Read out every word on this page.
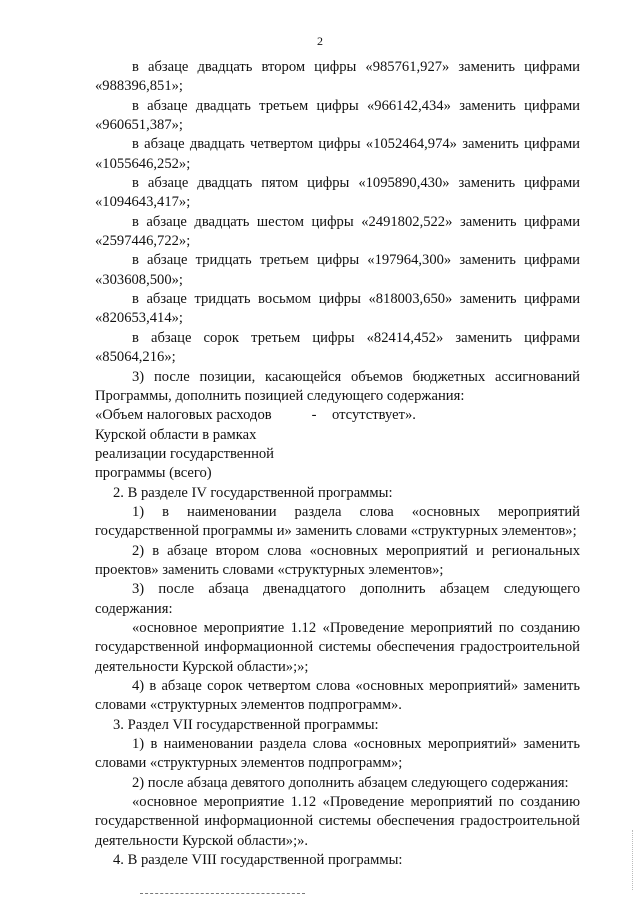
2

в абзаце двадцать втором цифры «985761,927» заменить цифрами «988396,851»;

в абзаце двадцать третьем цифры «966142,434» заменить цифрами «960651,387»;

в абзаце двадцать четвертом цифры «1052464,974» заменить цифрами «1055646,252»;

в абзаце двадцать пятом цифры «1095890,430» заменить цифрами «1094643,417»;

в абзаце двадцать шестом цифры «2491802,522» заменить цифрами «2597446,722»;

в абзаце тридцать третьем цифры «197964,300» заменить цифрами «303608,500»;

в абзаце тридцать восьмом цифры «818003,650» заменить цифрами «820653,414»;

в абзаце сорок третьем цифры «82414,452» заменить цифрами «85064,216»;

3) после позиции, касающейся объемов бюджетных ассигнований Программы, дополнить позицией следующего содержания:

«Объем налоговых расходов Курской области в рамках реализации государственной программы (всего)
-	отсутствует».

2. В разделе IV государственной программы:

1) в наименовании раздела слова «основных мероприятий государственной программы и» заменить словами «структурных элементов»;

2) в абзаце втором слова «основных мероприятий и региональных проектов» заменить словами «структурных элементов»;

3) после абзаца двенадцатого дополнить абзацем следующего содержания:

«основное мероприятие 1.12 «Проведение мероприятий по созданию государственной информационной системы обеспечения градостроительной деятельности Курской области»;»;

4) в абзаце сорок четвертом слова «основных мероприятий» заменить словами «структурных элементов подпрограмм».

3. Раздел VII государственной программы:

1) в наименовании раздела слова «основных мероприятий» заменить словами «структурных элементов подпрограмм»;

2) после абзаца девятого дополнить абзацем следующего содержания:

«основное мероприятие 1.12 «Проведение мероприятий по созданию государственной информационной системы обеспечения градостроительной деятельности Курской области»;».

4. В разделе VIII государственной программы:
